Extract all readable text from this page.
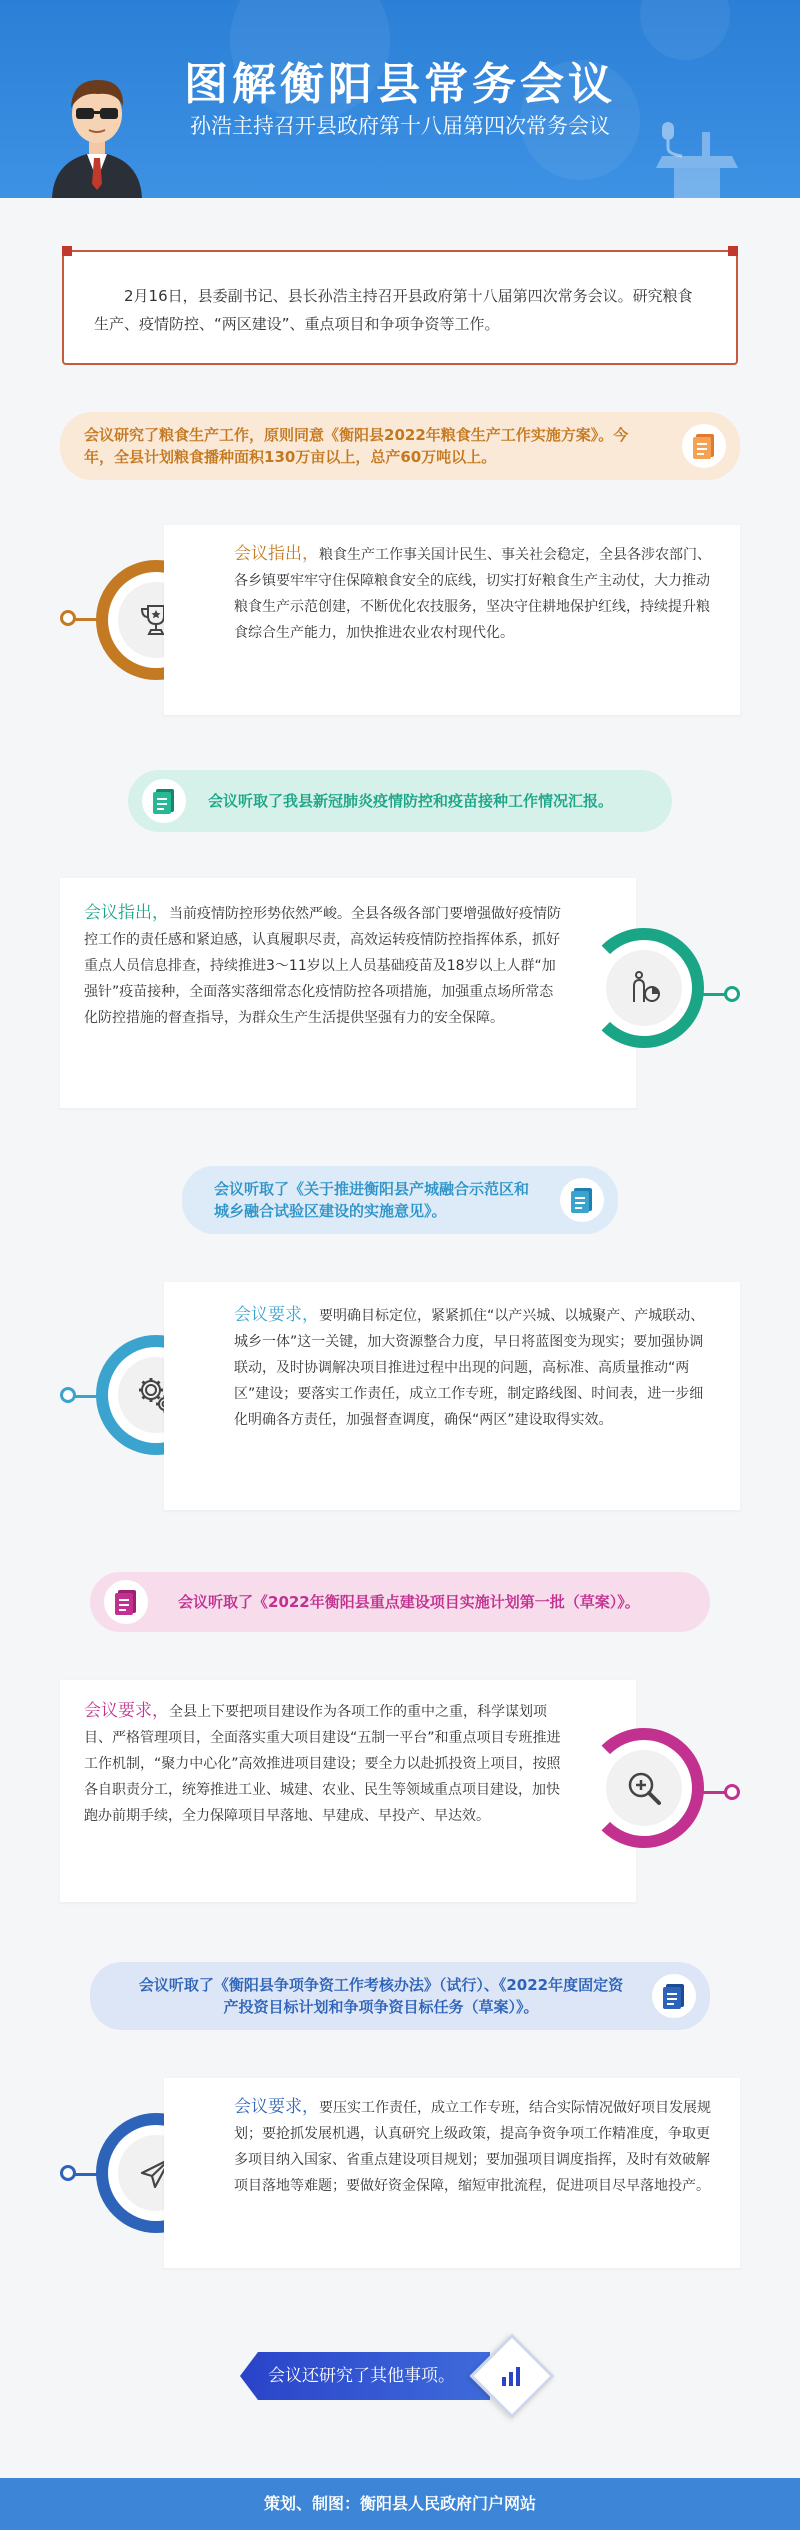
图解衡阳县常务会议
孙浩主持召开县政府第十八届第四次常务会议

2月16日，县委副书记、县长孙浩主持召开县政府第十八届第四次常务会议。研究粮食生产、疫情防控、“两区建设”、重点项目和争项争资等工作。

会议研究了粮食生产工作，原则同意《衡阳县2022年粮食生产工作实施方案》。今年，全县计划粮食播种面积130万亩以上，总产60万吨以上。
会议指出，粮食生产工作事关国计民生、事关社会稳定，全县各涉农部门、各乡镇要牢牢守住保障粮食安全的底线，切实打好粮食生产主动仗，大力推动粮食生产示范创建，不断优化农技服务，坚决守住耕地保护红线，持续提升粮食综合生产能力，加快推进农业农村现代化。
会议听取了我县新冠肺炎疫情防控和疫苗接种工作情况汇报。
会议指出，当前疫情防控形势依然严峻。全县各级各部门要增强做好疫情防控工作的责任感和紧迫感，认真履职尽责，高效运转疫情防控指挥体系，抓好重点人员信息排查，持续推进3～11岁以上人员基础疫苗及18岁以上人群“加强针”疫苗接种，全面落实落细常态化疫情防控各项措施，加强重点场所常态化防控措施的督查指导，为群众生产生活提供坚强有力的安全保障。
会议听取了《关于推进衡阳县产城融合示范区和城乡融合试验区建设的实施意见》。
会议要求，要明确目标定位，紧紧抓住“以产兴城、以城聚产、产城联动、城乡一体”这一关键，加大资源整合力度，早日将蓝图变为现实；要加强协调联动，及时协调解决项目推进过程中出现的问题，高标准、高质量推动“两区”建设；要落实工作责任，成立工作专班，制定路线图、时间表，进一步细化明确各方责任，加强督查调度，确保“两区”建设取得实效。
会议听取了《2022年衡阳县重点建设项目实施计划第一批（草案）》。
会议要求，全县上下要把项目建设作为各项工作的重中之重，科学谋划项目、严格管理项目，全面落实重大项目建设“五制一平台”和重点项目专班推进工作机制，“聚力中心化”高效推进项目建设；要全力以赴抓投资上项目，按照各自职责分工，统筹推进工业、城建、农业、民生等领域重点项目建设，加快跑办前期手续，全力保障项目早落地、早建成、早投产、早达效。
会议听取了《衡阳县争项争资工作考核办法》（试行）、《2022年度固定资产投资目标计划和争项争资目标任务（草案）》。
会议要求，要压实工作责任，成立工作专班，结合实际情况做好项目发展规划；要抢抓发展机遇，认真研究上级政策，提高争资争项工作精准度，争取更多项目纳入国家、省重点建设项目规划；要加强项目调度指挥，及时有效破解项目落地等难题；要做好资金保障，缩短审批流程，促进项目尽早落地投产。
会议还研究了其他事项。
策划、制图：衡阳县人民政府门户网站
